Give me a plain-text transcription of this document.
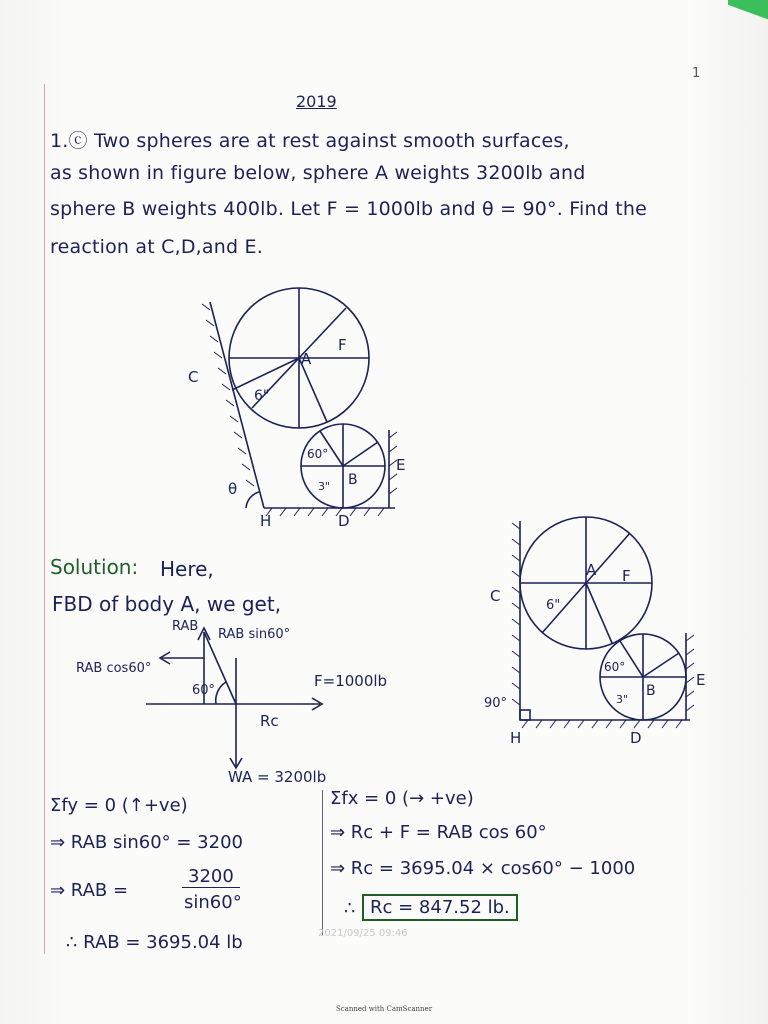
2019
1
1.ⓒ Two spheres are at rest against smooth surfaces,
as shown in figure below, sphere A weights 3200lb and
sphere B weights 400lb. Let F = 1000lb and θ = 90°. Find the
reaction at C,D,and E.
C
A
F
6"
60°
B
3"
E
θ
H	D
Solution: Here,
FBD of body A, we get,
RAB
RAB sin60°
RAB cos60°
60°
F=1000lb
Rc
WA = 3200lb
C
A F
6"
60°
B
3"
E
90°
H	D
Σfy = 0 (↑+ve)
⇒ RAB sin60° = 3200
⇒ RAB =
3200
sin60°
∴ RAB = 3695.04 lb
Σfx = 0 (→ +ve)
⇒ Rc + F = RAB cos 60°
⇒ Rc = 3695.04 × cos60° − 1000
∴ Rc = 847.52 lb.
2021/09/25 09:46
Scanned with CamScanner
